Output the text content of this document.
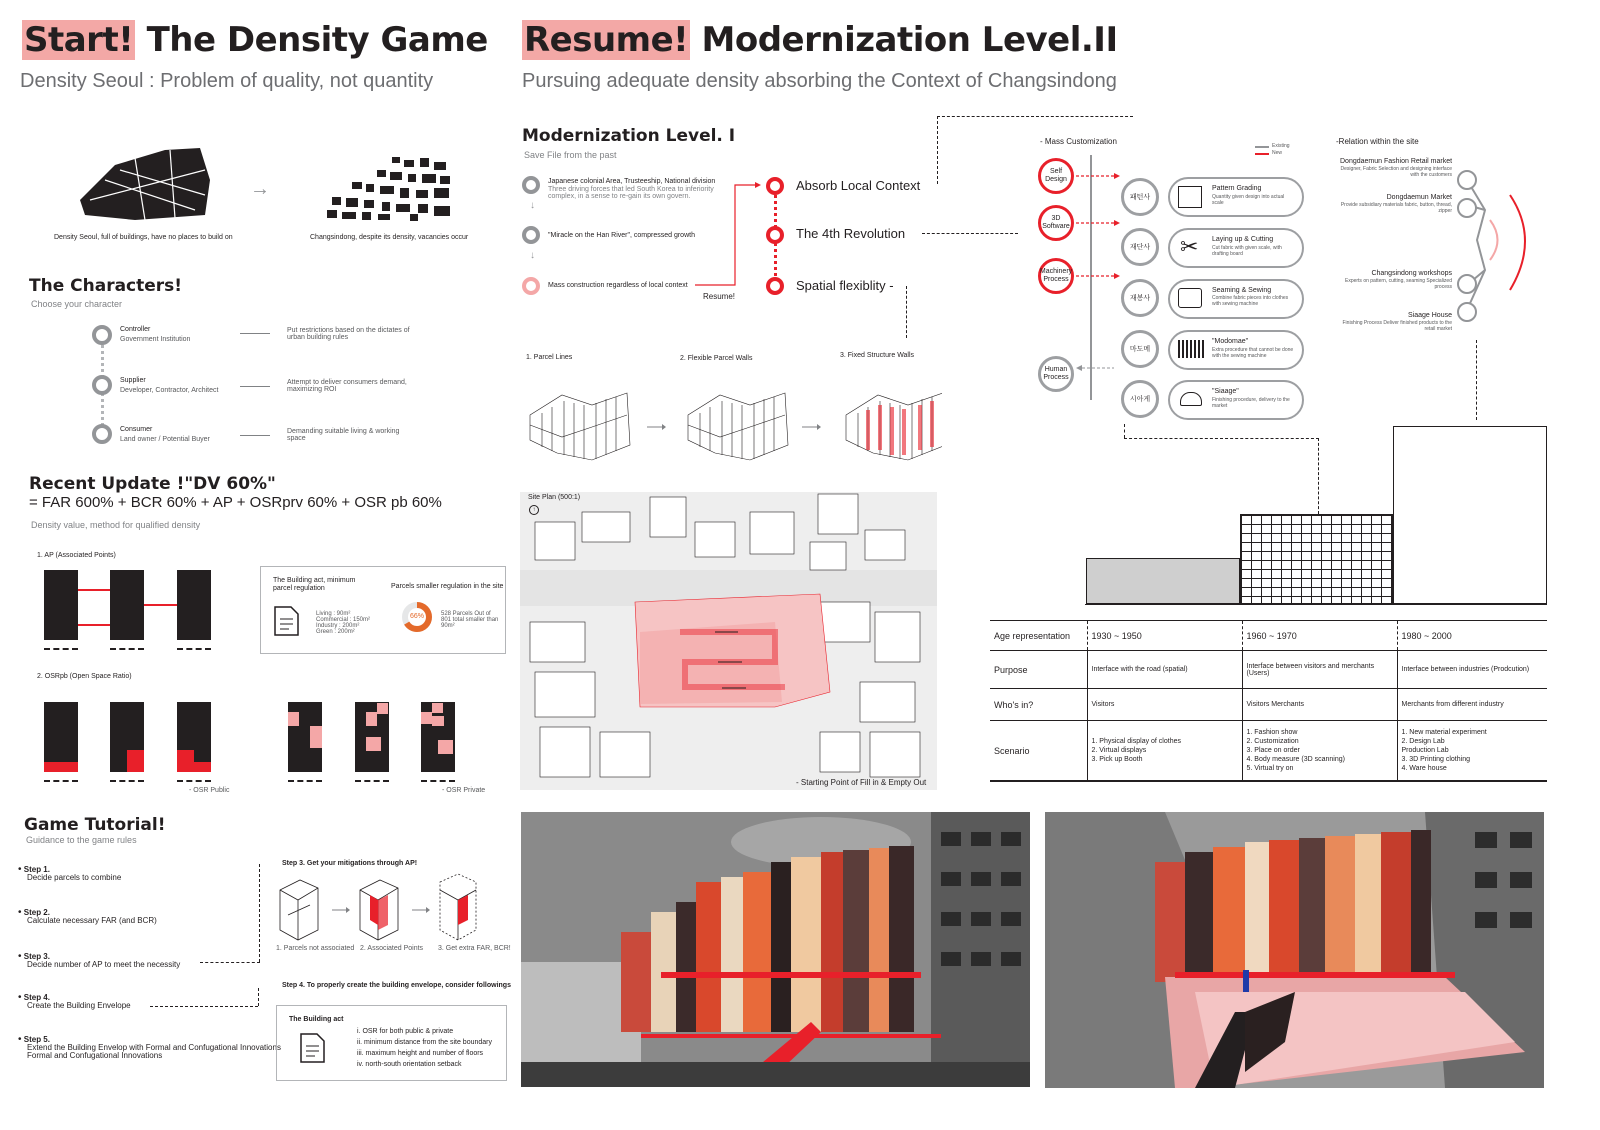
Start! The Density Game
Density Seoul : Problem of quality, not quantity
→
Density Seoul, full of buildings, have no places to build on	Changsindong, despite its density, vacancies occur
The Characters!
Choose your character
Controller
Government Institution
Put restrictions based on the dictates of urban building rules
Supplier
Developer, Contractor, Architect
Attempt to deliver consumers demand, maximizing ROI
Consumer
Land owner / Potential Buyer
Demanding suitable living & working space
Recent Update !"DV 60%"
= FAR 600% + BCR 60% + AP + OSRprv 60% + OSR pb 60%
Density value, method for qualified density
1. AP (Associated Points)
The Building act, minimum parcel regulation
Living : 90m²
Commercial : 150m²
Industry : 200m²
Green : 200m²
Parcels smaller regulation in the site
66%	528 Parcels Out of 801 total smaller than 90m²
2. OSRpb (Open Space Ratio)
- OSR Public	- OSR Private
Game Tutorial!
Guidance to the game rules
• Step 1.
Decide parcels to combine
• Step 2.
Calculate necessary FAR (and BCR)
• Step 3.
Decide number of AP to meet the necessity
• Step 4.
Create the Building Envelope
• Step 5.
Extend the Building Envelop with Formal and Confugational Innovations
Formal and Confugational Innovations
Step 3. Get your mitigations through AP!
1. Parcels not associated 2. Associated Points 3. Get extra FAR, BCR!
Step 4. To properly create the building envelope, consider followings
The Building act
i. OSR for both public & private
ii. minimum distance from the site boundary
iii. maximum height and number of floors
iv. north-south orientation setback
Resume! Modernization Level.II
Pursuing adequate density absorbing the Context of Changsindong
Modernization Level. I
Save File from the past
Japanese colonial Area, Trusteeship, National division
Three driving forces that led South Korea to inferiority complex, in a sense to re-gain its own govern.
↓
"Miracle on the Han River", compressed growth
↓
Mass construction regardless of local context
Resume!
Absorb Local Context
The 4th Revolution
Spatial flexiblity -
1. Parcel Lines	2. Flexible Parcel Walls	3. Fixed Structure Walls
Site Plan (500:1)
↑
- Starting Point of Fill in & Empty Out
- Mass Customization	Existing
New
Self Design
3D Software
Machinery Process
Human Process
패턴사
Pattern Grading
Quantity given design into actual scale
재단사	✂ Laying up & Cutting
Cut fabric with given scale, with drafting board
재봉사
Seaming & Sewing
Combine fabric pieces into clothes with sewing machine
마도메
"Modomae"
Extra procedure that cannot be done with the sewing machine
시아게
"Siaage"
Finishing procedure, delivery to the market
-Relation within the site
Dongdaemun Fashion Retail market
Designer, Fabric Selection and designing interface with the customers
Dongdaemun Market
Provide subsidiary materials fabric, button, thread, zipper
Changsindong workshops
Experts on pattern, cutting, seaming Specialized process
Siaage House
Finishing Process Deliver finished products to the retail market
Age representation	1930 ~ 1950	1960 ~ 1970	1980 ~ 2000
Purpose	Interface with the road (spatial)	Interface between visitors and merchants (Users)	Interface between industries (Prodcution)
Who's in?	Visitors	Visitors Merchants	Merchants from different industry
Scenario	1. Physical display of clothes
2. Virtual displays
3. Pick up Booth	1. Fashion show
2. Customization
3. Place on order
4. Body measure (3D scanning)
5. Virtual try on	1. New material experiment
2. Design Lab
Production Lab
3. 3D Printing clothing
4. Ware house
